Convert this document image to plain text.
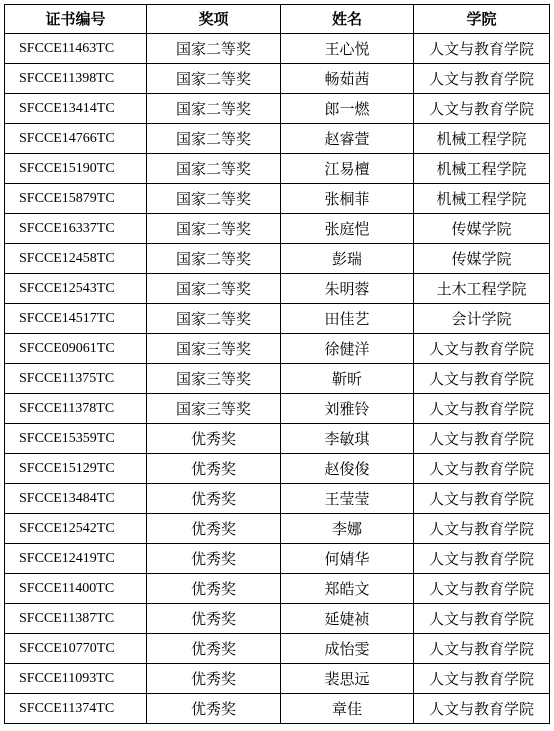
证书编号	奖项	姓名	学院
SFCCE11463TC	国家二等奖	王心悦	人文与教育学院
SFCCE11398TC	国家二等奖	畅茹茜	人文与教育学院
SFCCE13414TC	国家二等奖	郎一燃	人文与教育学院
SFCCE14766TC	国家二等奖	赵睿萱	机械工程学院
SFCCE15190TC	国家二等奖	江易檀	机械工程学院
SFCCE15879TC	国家二等奖	张桐菲	机械工程学院
SFCCE16337TC	国家二等奖	张庭恺	传媒学院
SFCCE12458TC	国家二等奖	彭瑞	传媒学院
SFCCE12543TC	国家二等奖	朱明蓉	土木工程学院
SFCCE14517TC	国家二等奖	田佳艺	会计学院
SFCCE09061TC	国家三等奖	徐健洋	人文与教育学院
SFCCE11375TC	国家三等奖	靳昕	人文与教育学院
SFCCE11378TC	国家三等奖	刘雅铃	人文与教育学院
SFCCE15359TC	优秀奖	李敏琪	人文与教育学院
SFCCE15129TC	优秀奖	赵俊俊	人文与教育学院
SFCCE13484TC	优秀奖	王莹莹	人文与教育学院
SFCCE12542TC	优秀奖	李娜	人文与教育学院
SFCCE12419TC	优秀奖	何婧华	人文与教育学院
SFCCE11400TC	优秀奖	郑皓文	人文与教育学院
SFCCE11387TC	优秀奖	延婕祯	人文与教育学院
SFCCE10770TC	优秀奖	成怡雯	人文与教育学院
SFCCE11093TC	优秀奖	裴思远	人文与教育学院
SFCCE11374TC	优秀奖	章佳	人文与教育学院
